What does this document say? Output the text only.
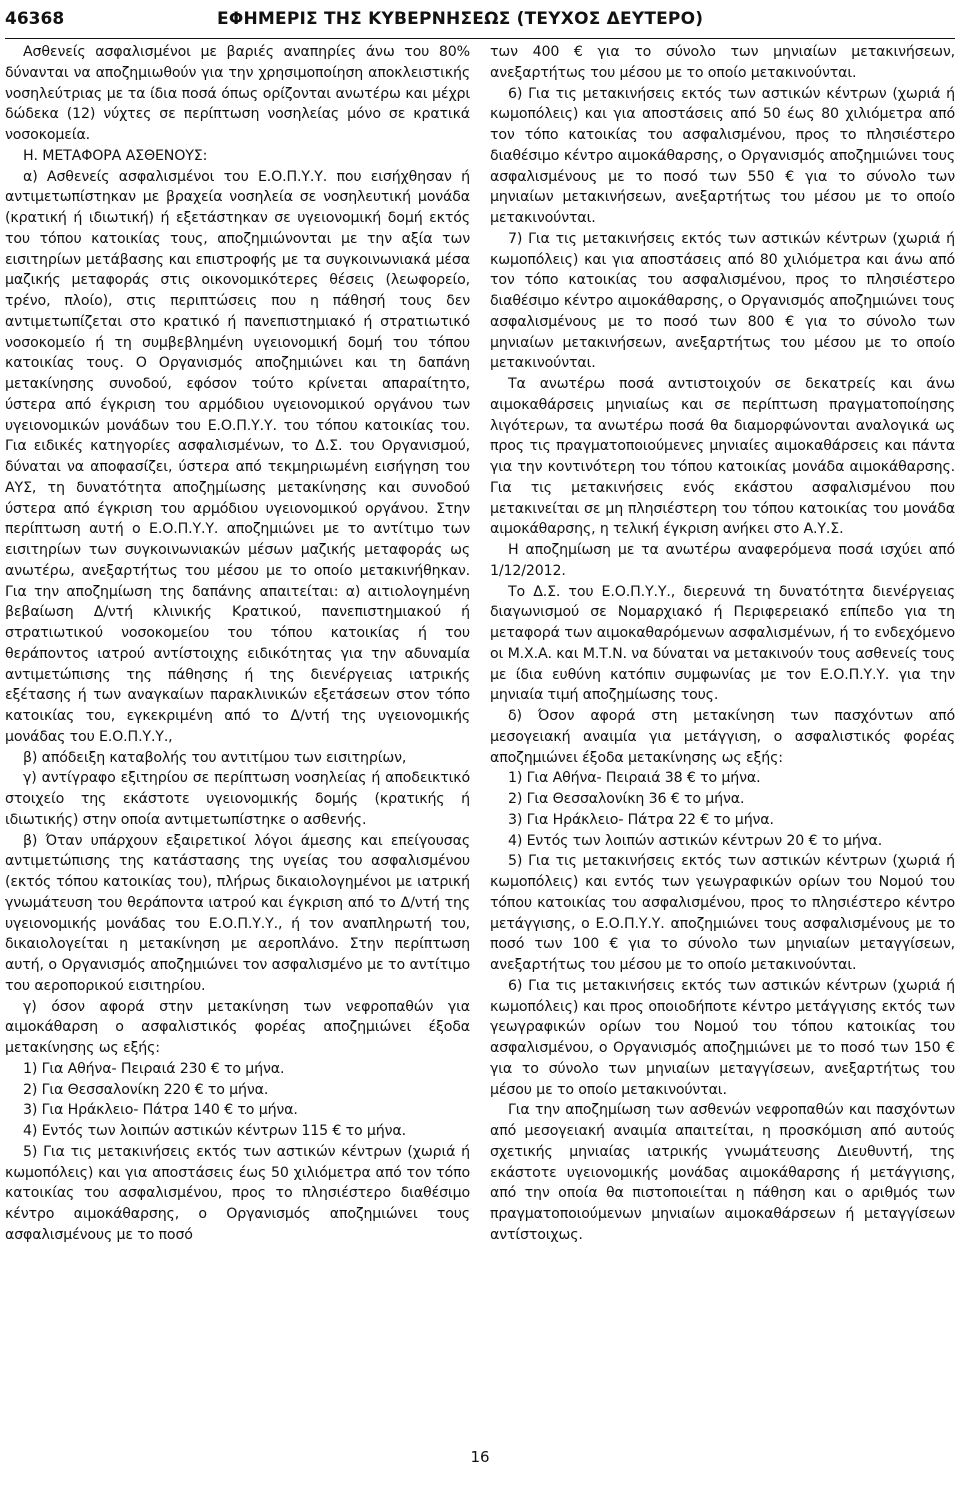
46368	ΕΦΗΜΕΡΙΣ ΤΗΣ ΚΥΒΕΡΝΗΣΕΩΣ (ΤΕΥΧΟΣ ΔΕΥΤΕΡΟ)

Ασθενείς ασφαλισμένοι με βαριές αναπηρίες άνω του 80% δύνανται να αποζημιωθούν για την χρησιμοποίηση αποκλειστικής νοσηλεύτριας με τα ίδια ποσά όπως ορίζονται ανωτέρω και μέχρι δώδεκα (12) νύχτες σε περίπτωση νοσηλείας μόνο σε κρατικά νοσοκομεία.

Η. ΜΕΤΑΦΟΡΑ ΑΣΘΕΝΟΥΣ:

α) Ασθενείς ασφαλισμένοι του Ε.Ο.Π.Υ.Υ. που εισήχθησαν ή αντιμετωπίστηκαν με βραχεία νοσηλεία σε νοσηλευτική μονάδα (κρατική ή ιδιωτική) ή εξετάστηκαν σε υγειονομική δομή εκτός του τόπου κατοικίας τους, αποζημιώνονται με την αξία των εισιτηρίων μετάβασης και επιστροφής με τα συγκοινωνιακά μέσα μαζικής μεταφοράς στις οικονομικότερες θέσεις (λεωφορείο, τρένο, πλοίο), στις περιπτώσεις που η πάθησή τους δεν αντιμετωπίζεται στο κρατικό ή πανεπιστημιακό ή στρατιωτικό νοσοκομείο ή τη συμβεβλημένη υγειονομική δομή του τόπου κατοικίας τους. Ο Οργανισμός αποζημιώνει και τη δαπάνη μετακίνησης συνοδού, εφόσον τούτο κρίνεται απαραίτητο, ύστερα από έγκριση του αρμόδιου υγειονομικού οργάνου των υγειονομικών μονάδων του Ε.Ο.Π.Υ.Υ. του τόπου κατοικίας του. Για ειδικές κατηγορίες ασφαλισμένων, το Δ.Σ. του Οργανισμού, δύναται να αποφασίζει, ύστερα από τεκμηριωμένη εισήγηση του ΑΥΣ, τη δυνατότητα αποζημίωσης μετακίνησης και συνοδού ύστερα από έγκριση του αρμόδιου υγειονομικού οργάνου. Στην περίπτωση αυτή ο Ε.Ο.Π.Υ.Υ. αποζημιώνει με το αντίτιμο των εισιτηρίων των συγκοινωνιακών μέσων μαζικής μεταφοράς ως ανωτέρω, ανεξαρτήτως του μέσου με το οποίο μετακινήθηκαν. Για την αποζημίωση της δαπάνης απαιτείται: α) αιτιολογημένη βεβαίωση Δ/ντή κλινικής Κρατικού, πανεπιστημιακού ή στρατιωτικού νοσοκομείου του τόπου κατοικίας ή του θεράποντος ιατρού αντίστοιχης ειδικότητας για την αδυναμία αντιμετώπισης της πάθησης ή της διενέργειας ιατρικής εξέτασης ή των αναγκαίων παρακλινικών εξετάσεων στον τόπο κατοικίας του, εγκεκριμένη από το Δ/ντή της υγειονομικής μονάδας του Ε.Ο.Π.Υ.Υ.,

β) απόδειξη καταβολής του αντιτίμου των εισιτηρίων,

γ) αντίγραφο εξιτηρίου σε περίπτωση νοσηλείας ή αποδεικτικό στοιχείο της εκάστοτε υγειονομικής δομής (κρατικής ή ιδιωτικής) στην οποία αντιμετωπίστηκε ο ασθενής.

β) Όταν υπάρχουν εξαιρετικοί λόγοι άμεσης και επείγουσας αντιμετώπισης της κατάστασης της υγείας του ασφαλισμένου (εκτός τόπου κατοικίας του), πλήρως δικαιολογημένοι με ιατρική γνωμάτευση του θεράποντα ιατρού και έγκριση από το Δ/ντή της υγειονομικής μονάδας του Ε.Ο.Π.Υ.Υ., ή τον αναπληρωτή του, δικαιολογείται η μετακίνηση με αεροπλάνο. Στην περίπτωση αυτή, ο Οργανισμός αποζημιώνει τον ασφαλισμένο με το αντίτιμο του αεροπορικού εισιτηρίου.

γ) όσον αφορά στην μετακίνηση των νεφροπαθών για αιμοκάθαρση ο ασφαλιστικός φορέας αποζημιώνει έξοδα μετακίνησης ως εξής:

1) Για Αθήνα- Πειραιά 230 € το μήνα.

2) Για Θεσσαλονίκη 220 € το μήνα.

3) Για Ηράκλειο- Πάτρα 140 € το μήνα.

4) Εντός των λοιπών αστικών κέντρων 115 € το μήνα.

5) Για τις μετακινήσεις εκτός των αστικών κέντρων (χωριά ή κωμοπόλεις) και για αποστάσεις έως 50 χιλιόμετρα από τον τόπο κατοικίας του ασφαλισμένου, προς το πλησιέστερο διαθέσιμο κέντρο αιμοκάθαρσης, ο Οργανισμός αποζημιώνει τους ασφαλισμένους με το ποσό

των 400 € για το σύνολο των μηνιαίων μετακινήσεων, ανεξαρτήτως του μέσου με το οποίο μετακινούνται.

6) Για τις μετακινήσεις εκτός των αστικών κέντρων (χωριά ή κωμοπόλεις) και για αποστάσεις από 50 έως 80 χιλιόμετρα από τον τόπο κατοικίας του ασφαλισμένου, προς το πλησιέστερο διαθέσιμο κέντρο αιμοκάθαρσης, ο Οργανισμός αποζημιώνει τους ασφαλισμένους με το ποσό των 550 € για το σύνολο των μηνιαίων μετακινήσεων, ανεξαρτήτως του μέσου με το οποίο μετακινούνται.

7) Για τις μετακινήσεις εκτός των αστικών κέντρων (χωριά ή κωμοπόλεις) και για αποστάσεις από 80 χιλιόμετρα και άνω από τον τόπο κατοικίας του ασφαλισμένου, προς το πλησιέστερο διαθέσιμο κέντρο αιμοκάθαρσης, ο Οργανισμός αποζημιώνει τους ασφαλισμένους με το ποσό των 800 € για το σύνολο των μηνιαίων μετακινήσεων, ανεξαρτήτως του μέσου με το οποίο μετακινούνται.

Τα ανωτέρω ποσά αντιστοιχούν σε δεκατρείς και άνω αιμοκαθάρσεις μηνιαίως και σε περίπτωση πραγματοποίησης λιγότερων, τα ανωτέρω ποσά θα διαμορφώνονται αναλογικά ως προς τις πραγματοποιούμενες μηνιαίες αιμοκαθάρσεις και πάντα για την κοντινότερη του τόπου κατοικίας μονάδα αιμοκάθαρσης. Για τις μετακινήσεις ενός εκάστου ασφαλισμένου που μετακινείται σε μη πλησιέστερη του τόπου κατοικίας του μονάδα αιμοκάθαρσης, η τελική έγκριση ανήκει στο Α.Υ.Σ.

Η αποζημίωση με τα ανωτέρω αναφερόμενα ποσά ισχύει από 1/12/2012.

Το Δ.Σ. του Ε.Ο.Π.Υ.Υ., διερευνά τη δυνατότητα διενέργειας διαγωνισμού σε Νομαρχιακό ή Περιφερειακό επίπεδο για τη μεταφορά των αιμοκαθαρόμενων ασφαλισμένων, ή το ενδεχόμενο οι Μ.Χ.Α. και Μ.Τ.Ν. να δύναται να μετακινούν τους ασθενείς τους με ίδια ευθύνη κατόπιν συμφωνίας με τον Ε.Ο.Π.Υ.Υ. για την μηνιαία τιμή αποζημίωσης τους.

δ) Όσον αφορά στη μετακίνηση των πασχόντων από μεσογειακή αναιμία για μετάγγιση, ο ασφαλιστικός φορέας αποζημιώνει έξοδα μετακίνησης ως εξής:

1) Για Αθήνα- Πειραιά 38 € το μήνα.

2) Για Θεσσαλονίκη 36 € το μήνα.

3) Για Ηράκλειο- Πάτρα 22 € το μήνα.

4) Εντός των λοιπών αστικών κέντρων 20 € το μήνα.

5) Για τις μετακινήσεις εκτός των αστικών κέντρων (χωριά ή κωμοπόλεις) και εντός των γεωγραφικών ορίων του Νομού του τόπου κατοικίας του ασφαλισμένου, προς το πλησιέστερο κέντρο μετάγγισης, ο Ε.Ο.Π.Υ.Υ. αποζημιώνει τους ασφαλισμένους με το ποσό των 100 € για το σύνολο των μηνιαίων μεταγγίσεων, ανεξαρτήτως του μέσου με το οποίο μετακινούνται.

6) Για τις μετακινήσεις εκτός των αστικών κέντρων (χωριά ή κωμοπόλεις) και προς οποιοδήποτε κέντρο μετάγγισης εκτός των γεωγραφικών ορίων του Νομού του τόπου κατοικίας του ασφαλισμένου, ο Οργανισμός αποζημιώνει με το ποσό των 150 € για το σύνολο των μηνιαίων μεταγγίσεων, ανεξαρτήτως του μέσου με το οποίο μετακινούνται.

Για την αποζημίωση των ασθενών νεφροπαθών και πασχόντων από μεσογειακή αναιμία απαιτείται, η προσκόμιση από αυτούς σχετικής μηνιαίας ιατρικής γνωμάτευσης Διευθυντή, της εκάστοτε υγειονομικής μονάδας αιμοκάθαρσης ή μετάγγισης, από την οποία θα πιστοποιείται η πάθηση και ο αριθμός των πραγματοποιούμενων μηνιαίων αιμοκαθάρσεων ή μεταγγίσεων αντίστοιχως.

16
